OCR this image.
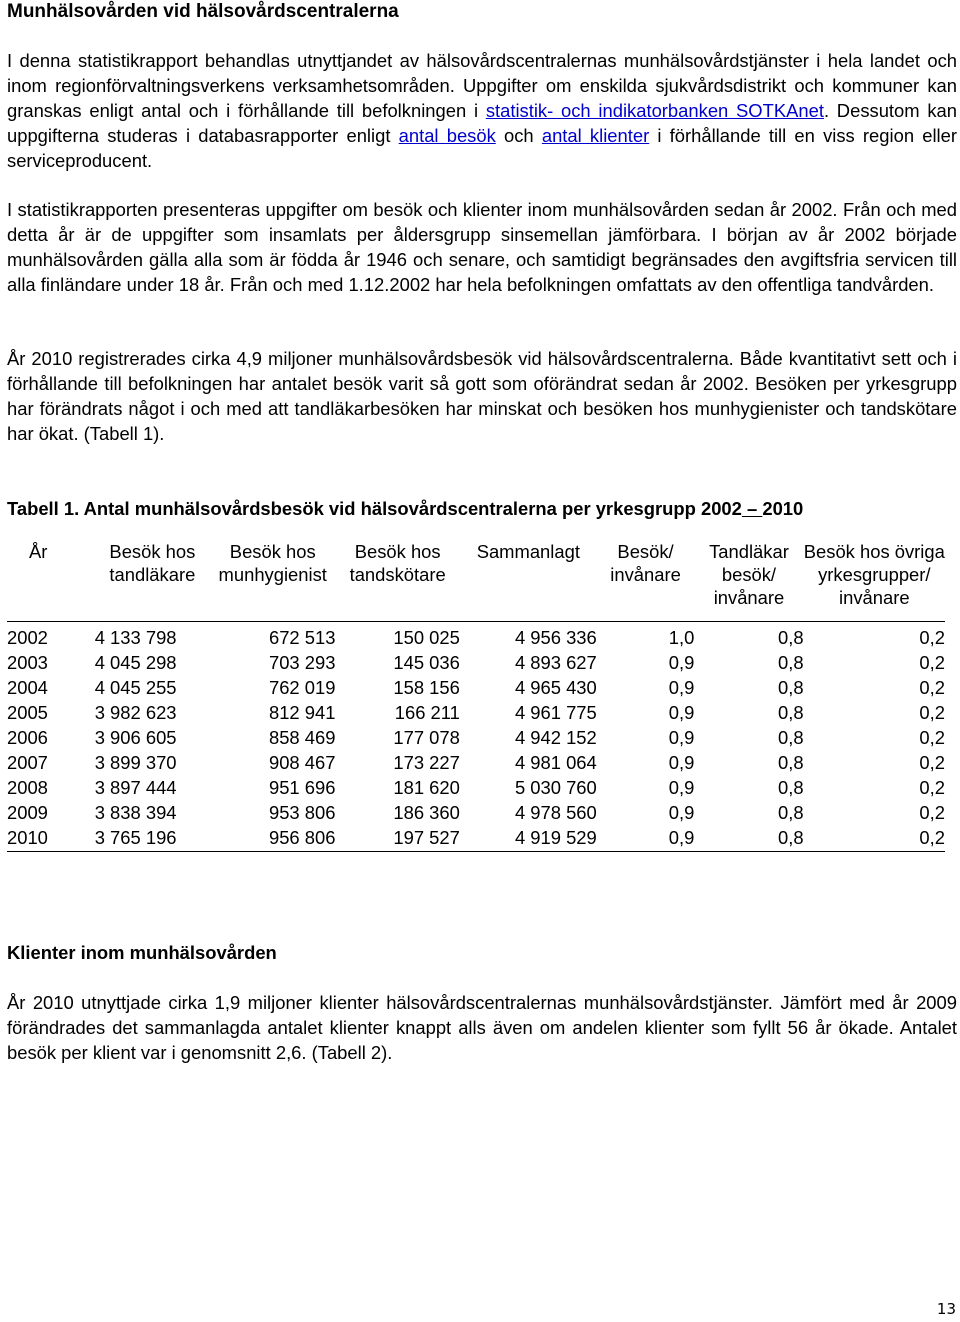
Munhälsovården vid hälsovårdscentralerna

I denna statistikrapport behandlas utnyttjandet av hälsovårdscentralernas munhälsovårdstjänster i hela landet och inom regionförvaltningsverkens verksamhetsområden. Uppgifter om enskilda sjukvårdsdistrikt och kommuner kan granskas enligt antal och i förhållande till befolkningen i statistik- och indikatorbanken SOTKAnet. Dessutom kan uppgifterna studeras i databasrapporter enligt antal besök och antal klienter i förhållande till en viss region eller serviceproducent.

I statistikrapporten presenteras uppgifter om besök och klienter inom munhälsovården sedan år 2002. Från och med detta år är de uppgifter som insamlats per åldersgrupp sinsemellan jämförbara. I början av år 2002 började munhälsovården gälla alla som är födda år 1946 och senare, och samtidigt begränsades den avgiftsfria servicen till alla finländare under 18 år. Från och med 1.12.2002 har hela befolkningen omfattats av den offentliga tandvården.

År 2010 registrerades cirka 4,9 miljoner munhälsovårdsbesök vid hälsovårdscentralerna. Både kvantitativt sett och i förhållande till befolkningen har antalet besök varit så gott som oförändrat sedan år 2002. Besöken per yrkesgrupp har förändrats något i och med att tandläkarbesöken har minskat och besöken hos munhygienister och tandskötare har ökat. (Tabell 1).

Tabell 1. Antal munhälsovårdsbesök vid hälsovårdscentralerna per yrkesgrupp 2002 – 2010

År	Besök hos tandläkare	Besök hos munhygienist	Besök hos tandskötare	Sammanlagt	Besök/ invånare	Tandläkar besök/ invånare	Besök hos övriga yrkesgrupper/ invånare
2002	4 133 798	672 513	150 025	4 956 336	1,0	0,8	0,2
2003	4 045 298	703 293	145 036	4 893 627	0,9	0,8	0,2
2004	4 045 255	762 019	158 156	4 965 430	0,9	0,8	0,2
2005	3 982 623	812 941	166 211	4 961 775	0,9	0,8	0,2
2006	3 906 605	858 469	177 078	4 942 152	0,9	0,8	0,2
2007	3 899 370	908 467	173 227	4 981 064	0,9	0,8	0,2
2008	3 897 444	951 696	181 620	5 030 760	0,9	0,8	0,2
2009	3 838 394	953 806	186 360	4 978 560	0,9	0,8	0,2
2010	3 765 196	956 806	197 527	4 919 529	0,9	0,8	0,2
Klienter inom munhälsovården

År 2010 utnyttjade cirka 1,9 miljoner klienter hälsovårdscentralernas munhälsovårdstjänster. Jämfört med år 2009 förändrades det sammanlagda antalet klienter knappt alls även om andelen klienter som fyllt 56 år ökade. Antalet besök per klient var i genomsnitt 2,6. (Tabell 2).

13
